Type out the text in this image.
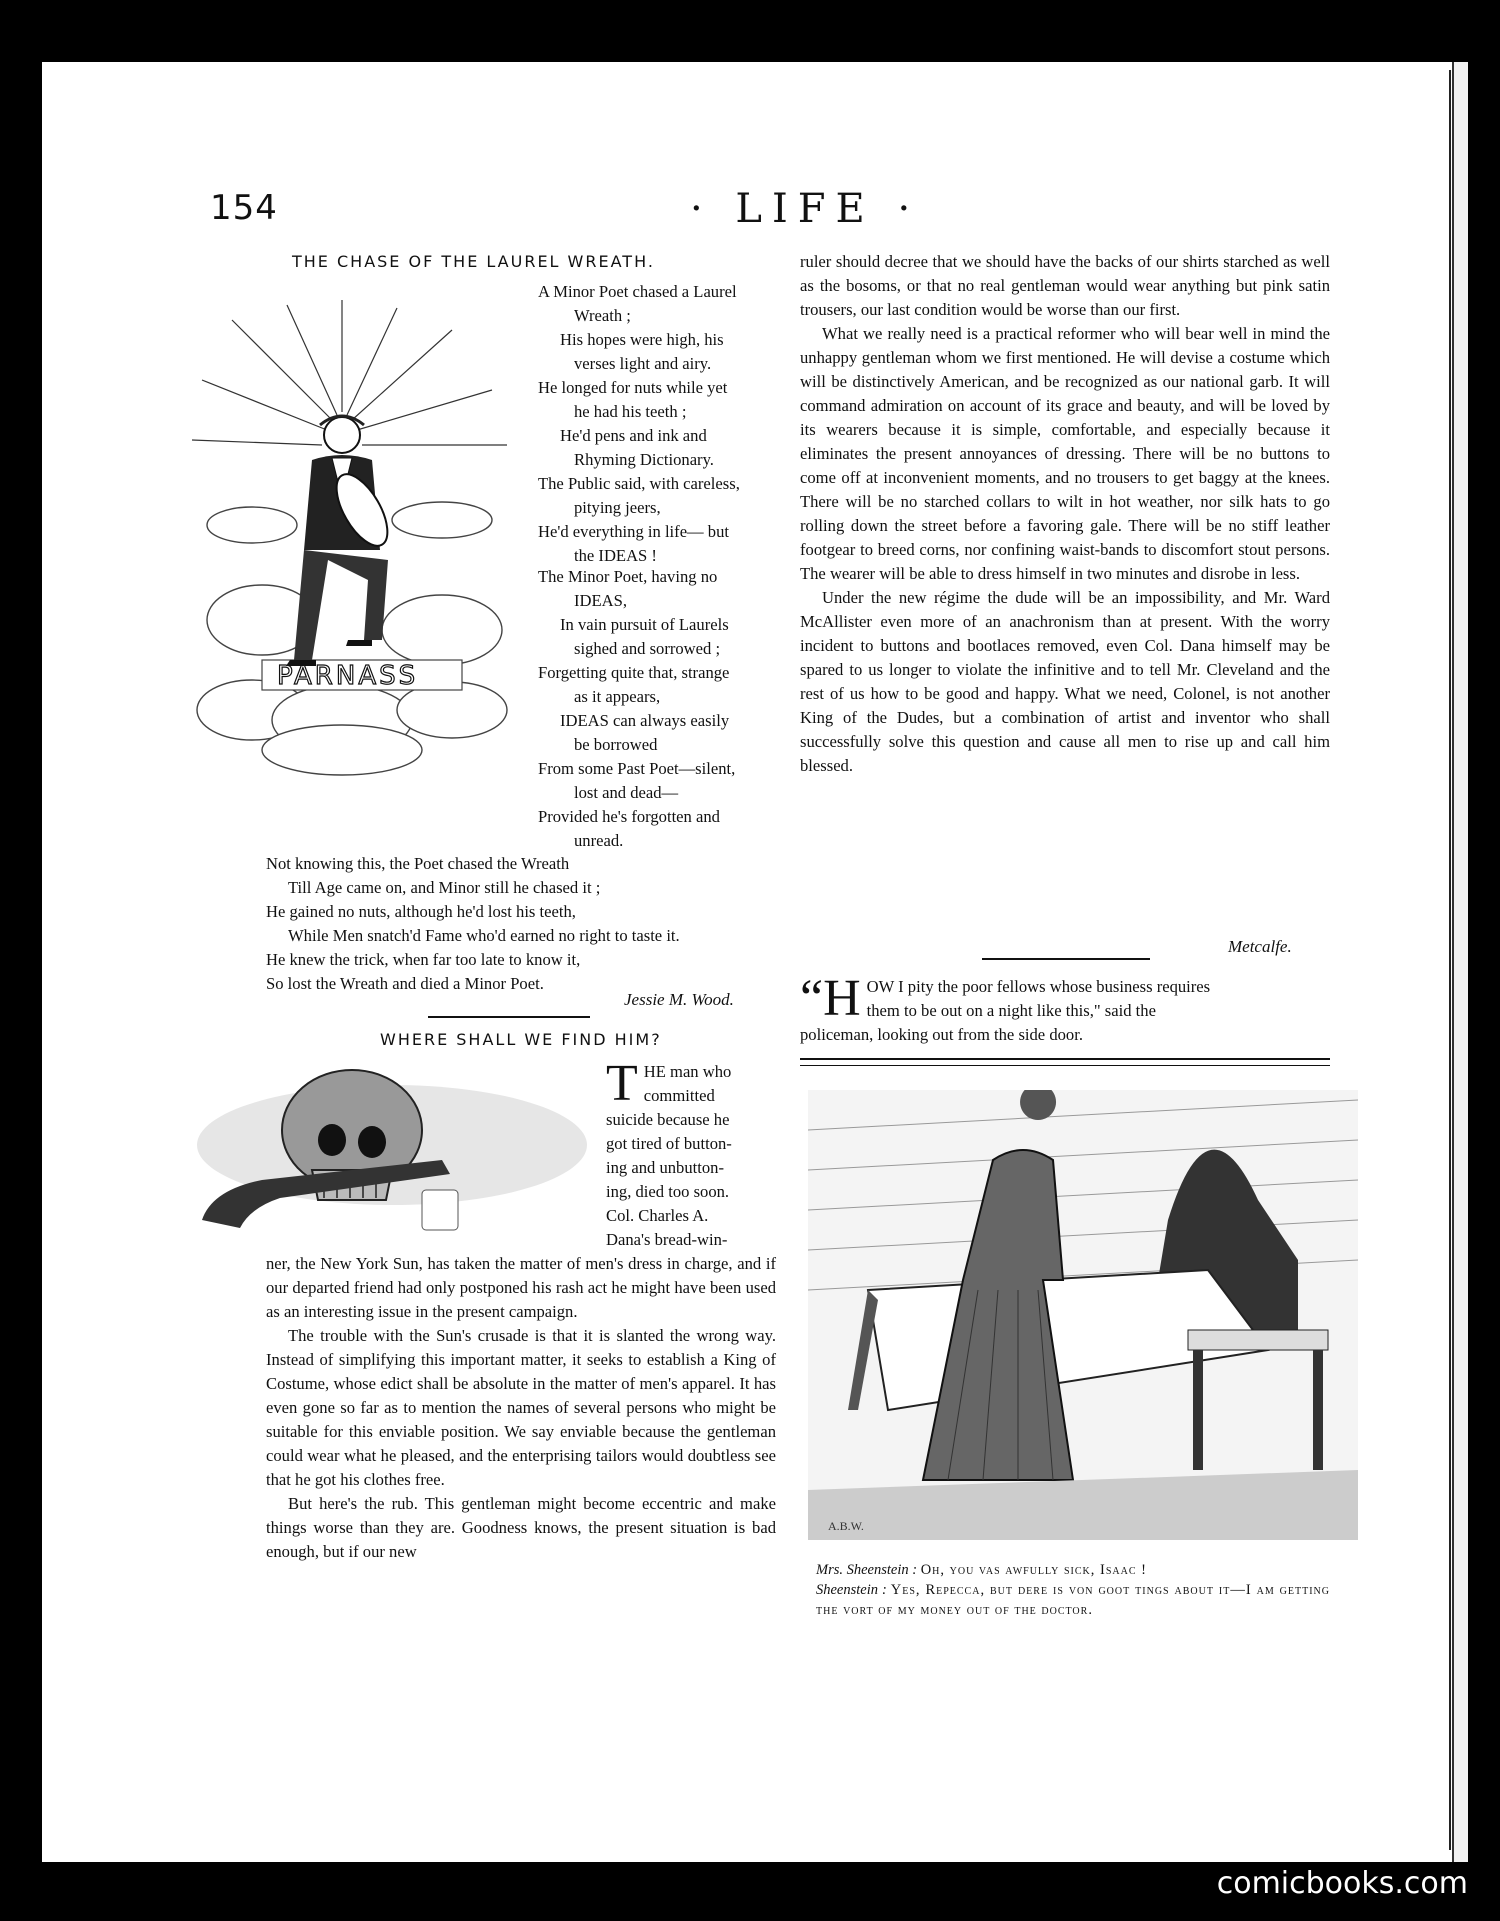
154	· LIFE ·
THE CHASE OF THE LAUREL WREATH.
PARNASS
A Minor Poet chased a Laurel
Wreath ;
His hopes were high, his
verses light and airy.
He longed for nuts while yet
he had his teeth ;
He'd pens and ink and
Rhyming Dictionary.
The Public said, with careless,
pitying jeers,
He'd everything in life— but
the IDEAS !
The Minor Poet, having no
IDEAS,
In vain pursuit of Laurels
sighed and sorrowed ;
Forgetting quite that, strange
as it appears,
IDEAS can always easily
be borrowed
From some Past Poet—silent,
lost and dead—
Provided he's forgotten and
unread.
Not knowing this, the Poet chased the Wreath
Till Age came on, and Minor still he chased it ;
He gained no nuts, although he'd lost his teeth,
While Men snatch'd Fame who'd earned no right to taste it.
He knew the trick, when far too late to know it,
So lost the Wreath and died a Minor Poet.
Jessie M. Wood.
WHERE SHALL WE FIND HIM?
T HE man who
committed
suicide because he
got tired of button-
ing and unbutton-
ing, died too soon.
Col. Charles A.
Dana's bread-win-

ner, the New York Sun, has taken the matter of men's dress in charge, and if our departed friend had only postponed his rash act he might have been used as an interesting issue in the present campaign.

The trouble with the Sun's crusade is that it is slanted the wrong way. Instead of simplifying this important matter, it seeks to establish a King of Costume, whose edict shall be absolute in the matter of men's apparel. It has even gone so far as to mention the names of several persons who might be suitable for this enviable position. We say enviable because the gentleman could wear what he pleased, and the enterprising tailors would doubtless see that he got his clothes free.

But here's the rub. This gentleman might become eccentric and make things worse than they are. Goodness knows, the present situation is bad enough, but if our new

ruler should decree that we should have the backs of our shirts starched as well as the bosoms, or that no real gentleman would wear anything but pink satin trousers, our last condition would be worse than our first.

What we really need is a practical reformer who will bear well in mind the unhappy gentleman whom we first mentioned. He will devise a costume which will be distinctively American, and be recognized as our national garb. It will command admiration on account of its grace and beauty, and will be loved by its wearers because it is simple, comfortable, and especially because it eliminates the present annoyances of dressing. There will be no buttons to come off at inconvenient moments, and no trousers to get baggy at the knees. There will be no starched collars to wilt in hot weather, nor silk hats to go rolling down the street before a favoring gale. There will be no stiff leather footgear to breed corns, nor confining waist-bands to discomfort stout persons. The wearer will be able to dress himself in two minutes and disrobe in less.

Under the new régime the dude will be an impossibility, and Mr. Ward McAllister even more of an anachronism than at present. With the worry incident to buttons and bootlaces removed, even Col. Dana himself may be spared to us longer to violate the infinitive and to tell Mr. Cleveland and the rest of us how to be good and happy. What we need, Colonel, is not another King of the Dudes, but a combination of artist and inventor who shall successfully solve this question and cause all men to rise up and call him blessed.

Metcalfe.
“H OW I pity the poor fellows whose business requires
them to be out on a night like this," said the
policeman, looking out from the side door.
A.B.W.
Mrs. Sheenstein : Oh, you vas awfully sick, Isaac !
Sheenstein : Yes, Repecca, but dere is von goot tings about it—I am getting the vort of my money out of the doctor.
comicbooks.com
